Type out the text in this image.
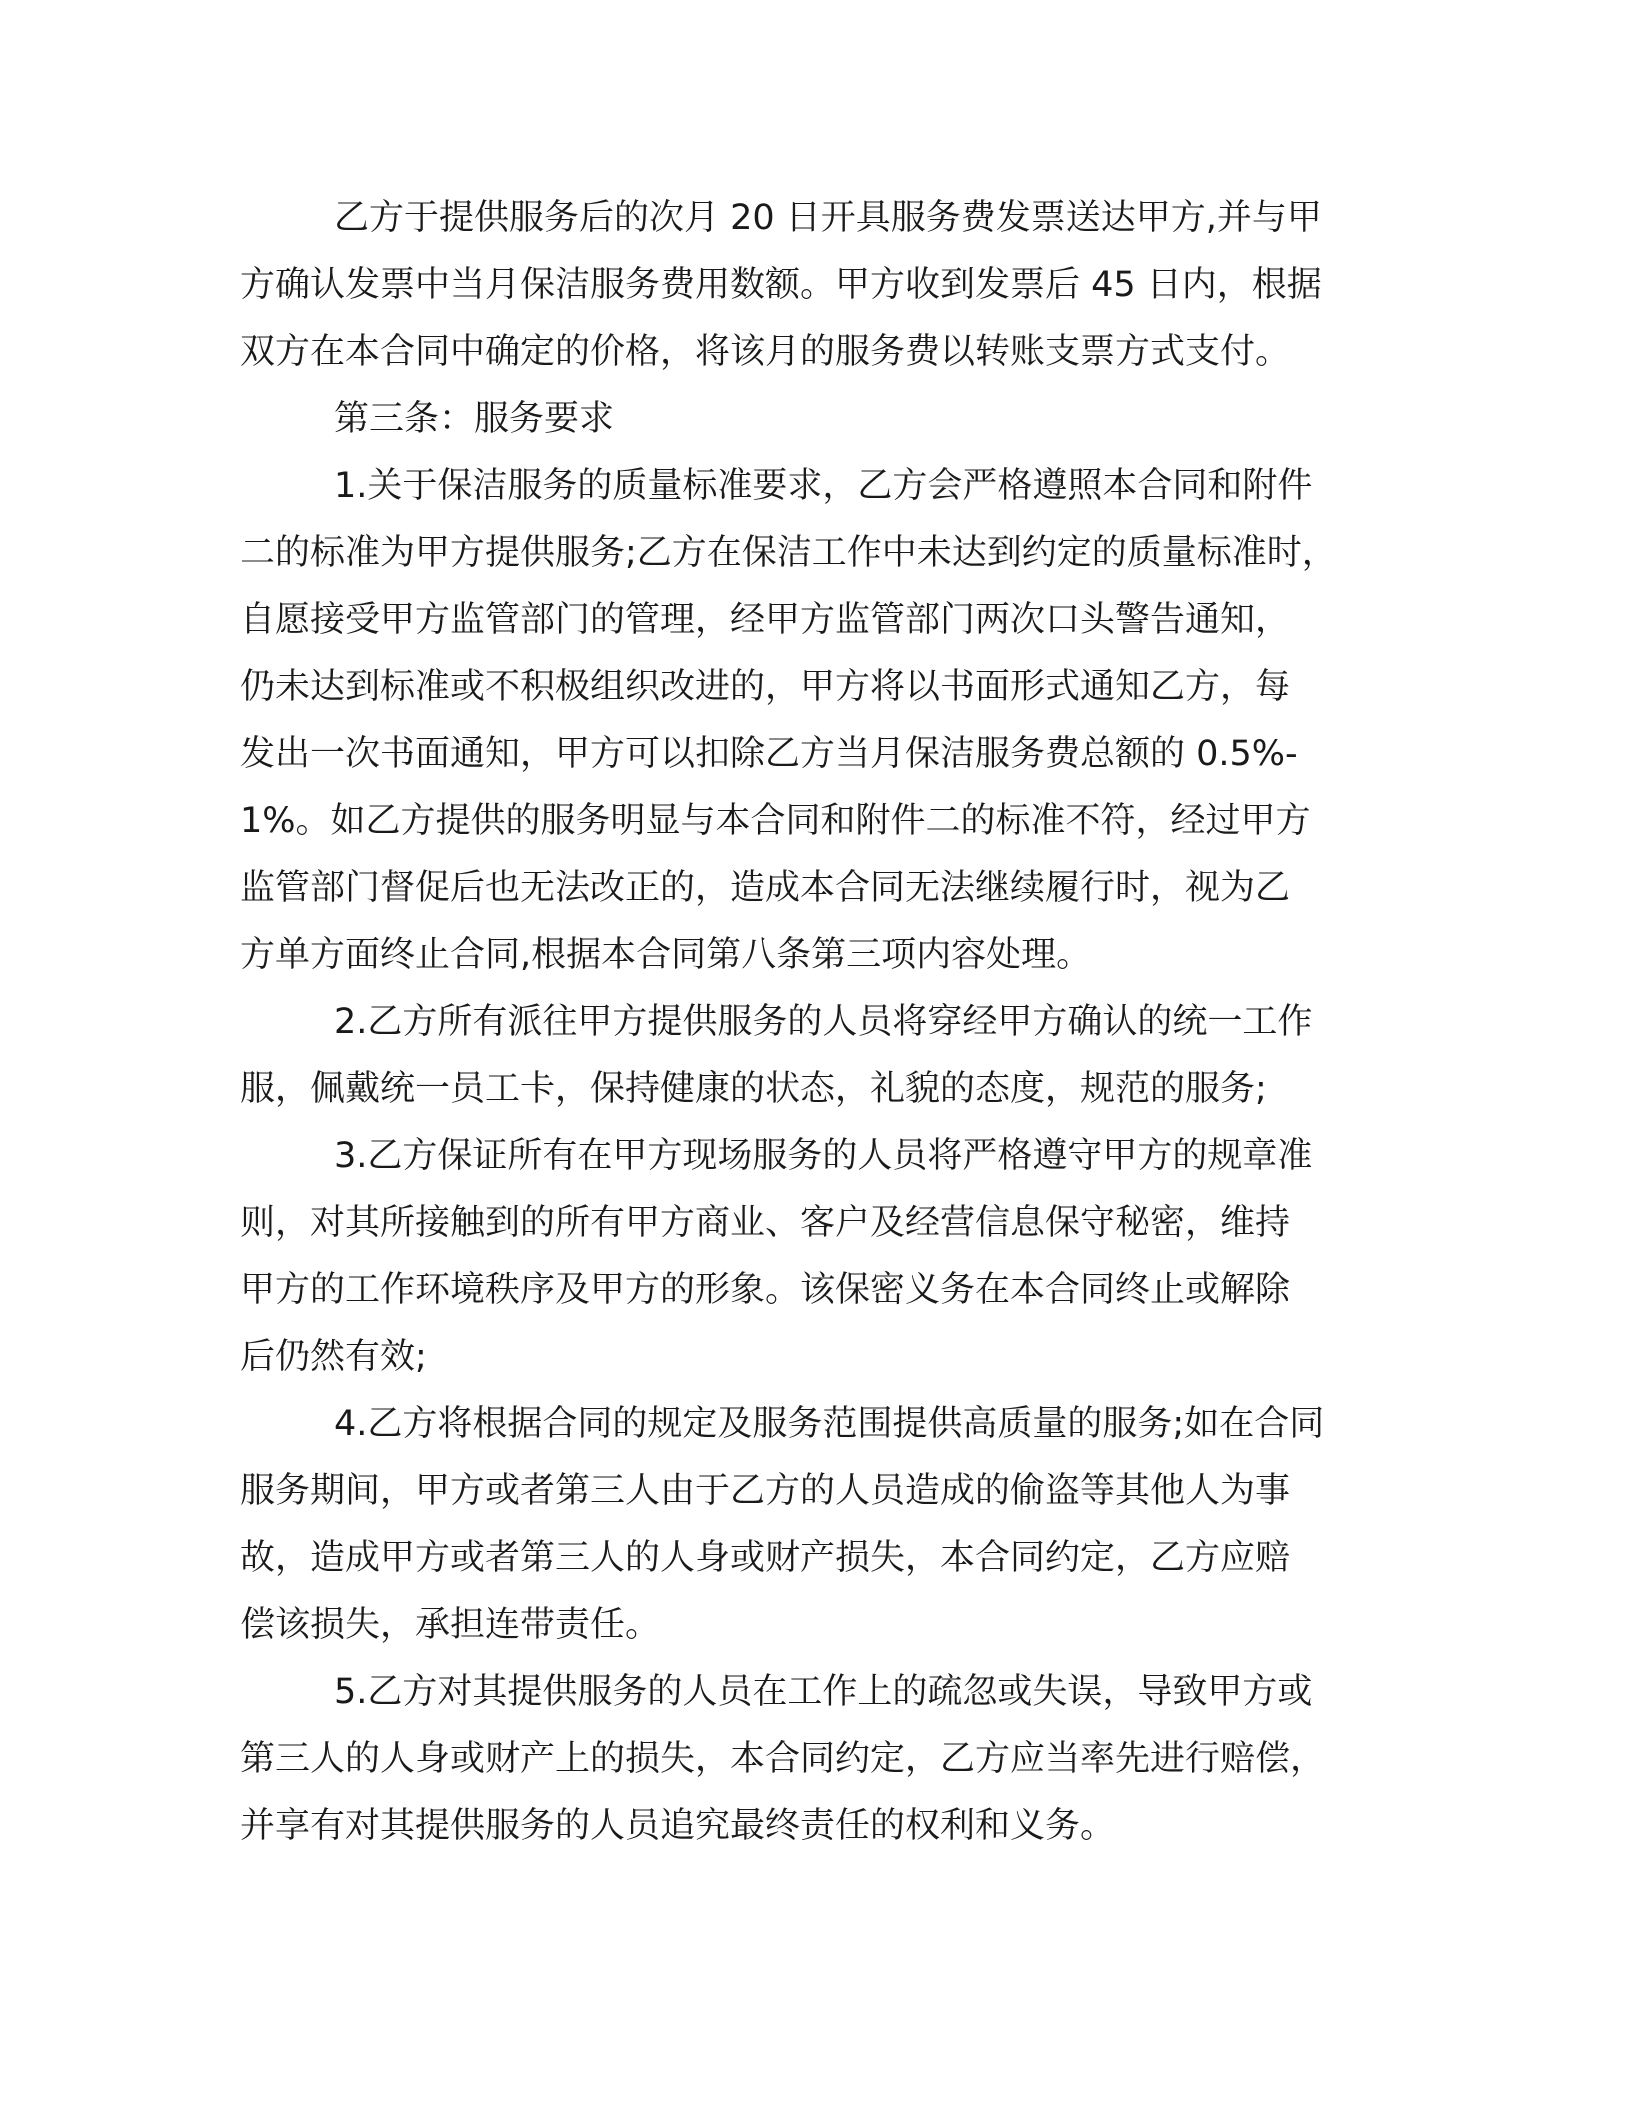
乙方于提供服务后的次月 20 日开具服务费发票送达甲方,并与甲
方确认发票中当月保洁服务费用数额。甲方收到发票后 45 日内，根据
双方在本合同中确定的价格，将该月的服务费以转账支票方式支付。
第三条：服务要求
1.关于保洁服务的质量标准要求，乙方会严格遵照本合同和附件
二的标准为甲方提供服务;乙方在保洁工作中未达到约定的质量标准时，
自愿接受甲方监管部门的管理，经甲方监管部门两次口头警告通知，
仍未达到标准或不积极组织改进的，甲方将以书面形式通知乙方，每
发出一次书面通知，甲方可以扣除乙方当月保洁服务费总额的 0.5%-
1%。如乙方提供的服务明显与本合同和附件二的标准不符，经过甲方
监管部门督促后也无法改正的，造成本合同无法继续履行时，视为乙
方单方面终止合同,根据本合同第八条第三项内容处理。
2.乙方所有派往甲方提供服务的人员将穿经甲方确认的统一工作
服，佩戴统一员工卡，保持健康的状态，礼貌的态度，规范的服务;
3.乙方保证所有在甲方现场服务的人员将严格遵守甲方的规章准
则，对其所接触到的所有甲方商业、客户及经营信息保守秘密，维持
甲方的工作环境秩序及甲方的形象。该保密义务在本合同终止或解除
后仍然有效;
4.乙方将根据合同的规定及服务范围提供高质量的服务;如在合同
服务期间，甲方或者第三人由于乙方的人员造成的偷盗等其他人为事
故，造成甲方或者第三人的人身或财产损失，本合同约定，乙方应赔
偿该损失，承担连带责任。
5.乙方对其提供服务的人员在工作上的疏忽或失误，导致甲方或
第三人的人身或财产上的损失，本合同约定，乙方应当率先进行赔偿，
并享有对其提供服务的人员追究最终责任的权利和义务。
